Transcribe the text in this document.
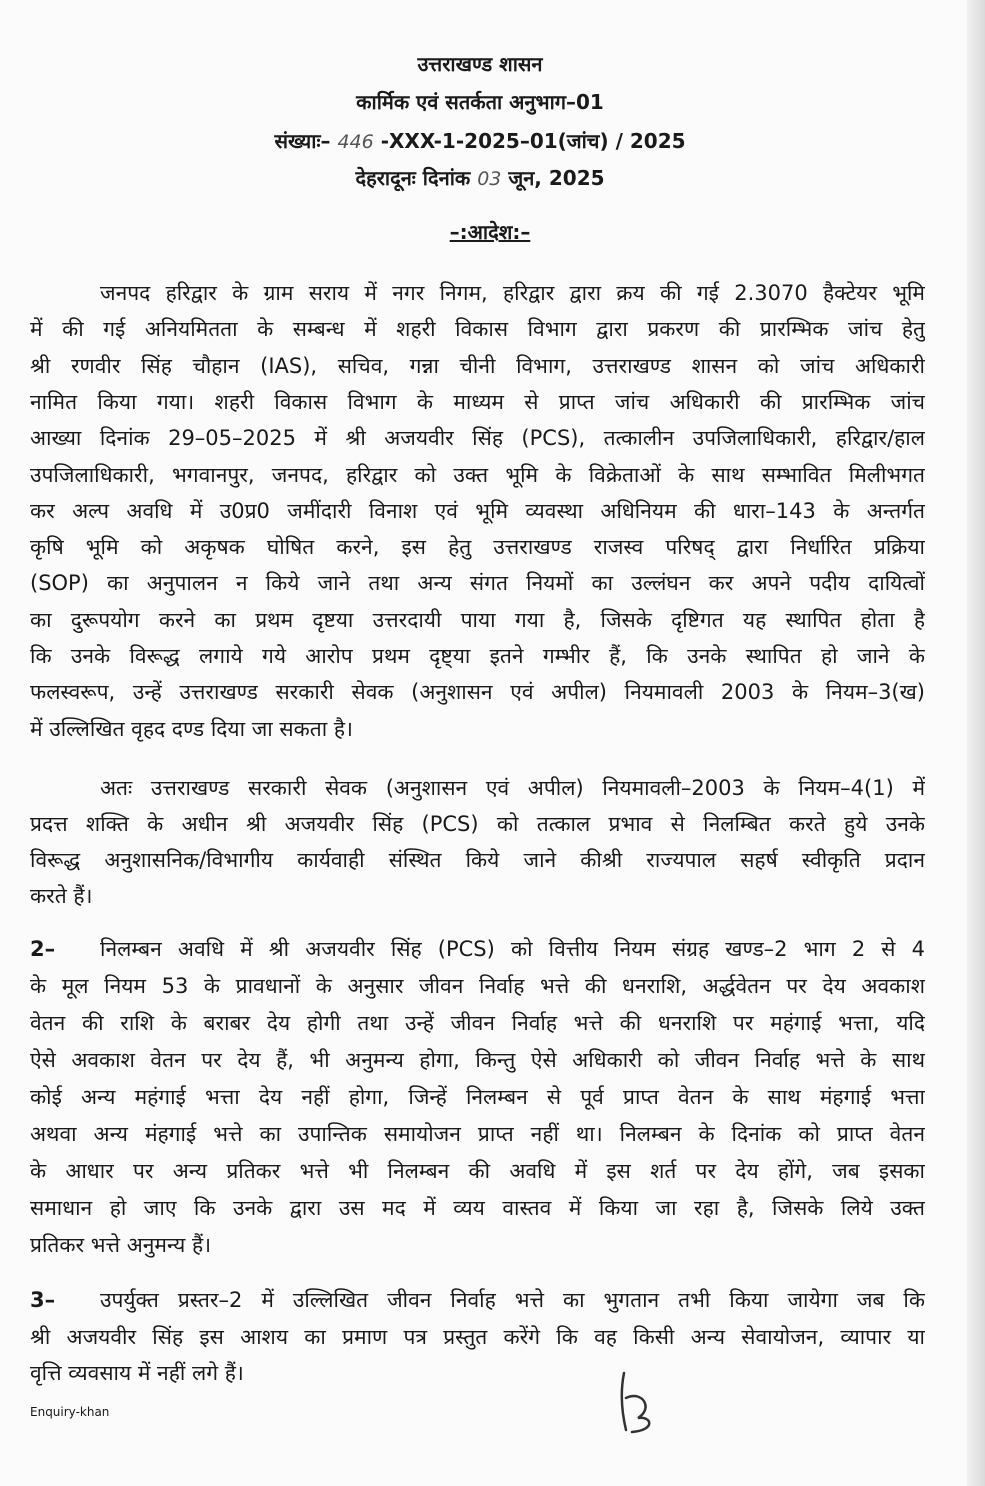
उत्तराखण्ड शासन
कार्मिक एवं सतर्कता अनुभाग–01
संख्याः– 446 -XXX-1-2025–01(जांच) / 2025
देहरादूनः दिनांक 03 जून, 2025
–:आदेश:–
जनपद हरिद्वार के ग्राम सराय में नगर निगम, हरिद्वार द्वारा क्रय की गई 2.3070 हैक्टेयर भूमि
में की गई अनियमितता के सम्बन्ध में शहरी विकास विभाग द्वारा प्रकरण की प्रारम्भिक जांच हेतु
श्री रणवीर सिंह चौहान (IAS), सचिव, गन्ना चीनी विभाग, उत्तराखण्ड शासन को जांच अधिकारी
नामित किया गया। शहरी विकास विभाग के माध्यम से प्राप्त जांच अधिकारी की प्रारम्भिक जांच
आख्या दिनांक 29–05–2025 में श्री अजयवीर सिंह (PCS), तत्कालीन उपजिलाधिकारी, हरिद्वार/हाल
उपजिलाधिकारी, भगवानपुर, जनपद, हरिद्वार को उक्त भूमि के विक्रेताओं के साथ सम्भावित मिलीभगत
कर अल्प अवधि में उ0प्र0 जमींदारी विनाश एवं भूमि व्यवस्था अधिनियम की धारा–143 के अन्तर्गत
कृषि भूमि को अकृषक घोषित करने, इस हेतु उत्तराखण्ड राजस्व परिषद् द्वारा निर्धारित प्रक्रिया
(SOP) का अनुपालन न किये जाने तथा अन्य संगत नियमों का उल्लंघन कर अपने पदीय दायित्वों
का दुरूपयोग करने का प्रथम दृष्टया उत्तरदायी पाया गया है, जिसके दृष्टिगत यह स्थापित होता है
कि उनके विरूद्ध लगाये गये आरोप प्रथम दृष्ट्या इतने गम्भीर हैं, कि उनके स्थापित हो जाने के
फलस्वरूप, उन्हें उत्तराखण्ड सरकारी सेवक (अनुशासन एवं अपील) नियमावली 2003 के नियम–3(ख)
में उल्लिखित वृहद दण्ड दिया जा सकता है।
अतः उत्तराखण्ड सरकारी सेवक (अनुशासन एवं अपील) नियमावली–2003 के नियम–4(1) में
प्रदत्त शक्ति के अधीन श्री अजयवीर सिंह (PCS) को तत्काल प्रभाव से निलम्बित करते हुये उनके
विरूद्ध अनुशासनिक/विभागीय कार्यवाही संस्थित किये जाने कीश्री राज्यपाल सहर्ष स्वीकृति प्रदान
करते हैं।
2– निलम्बन अवधि में श्री अजयवीर सिंह (PCS) को वित्तीय नियम संग्रह खण्ड–2 भाग 2 से 4
के मूल नियम 53 के प्रावधानों के अनुसार जीवन निर्वाह भत्ते की धनराशि, अर्द्धवेतन पर देय अवकाश
वेतन की राशि के बराबर देय होगी तथा उन्हें जीवन निर्वाह भत्ते की धनराशि पर महंगाई भत्ता, यदि
ऐसे अवकाश वेतन पर देय हैं, भी अनुमन्य होगा, किन्तु ऐसे अधिकारी को जीवन निर्वाह भत्ते के साथ
कोई अन्य महंगाई भत्ता देय नहीं होगा, जिन्हें निलम्बन से पूर्व प्राप्त वेतन के साथ मंहगाई भत्ता
अथवा अन्य मंहगाई भत्ते का उपान्तिक समायोजन प्राप्त नहीं था। निलम्बन के दिनांक को प्राप्त वेतन
के आधार पर अन्य प्रतिकर भत्ते भी निलम्बन की अवधि में इस शर्त पर देय होंगे, जब इसका
समाधान हो जाए कि उनके द्वारा उस मद में व्यय वास्तव में किया जा रहा है, जिसके लिये उक्त
प्रतिकर भत्ते अनुमन्य हैं।
3– उपर्युक्त प्रस्तर–2 में उल्लिखित जीवन निर्वाह भत्ते का भुगतान तभी किया जायेगा जब कि
श्री अजयवीर सिंह इस आशय का प्रमाण पत्र प्रस्तुत करेंगे कि वह किसी अन्य सेवायोजन, व्यापार या
वृत्ति व्यवसाय में नहीं लगे हैं।
Enquiry-khan
